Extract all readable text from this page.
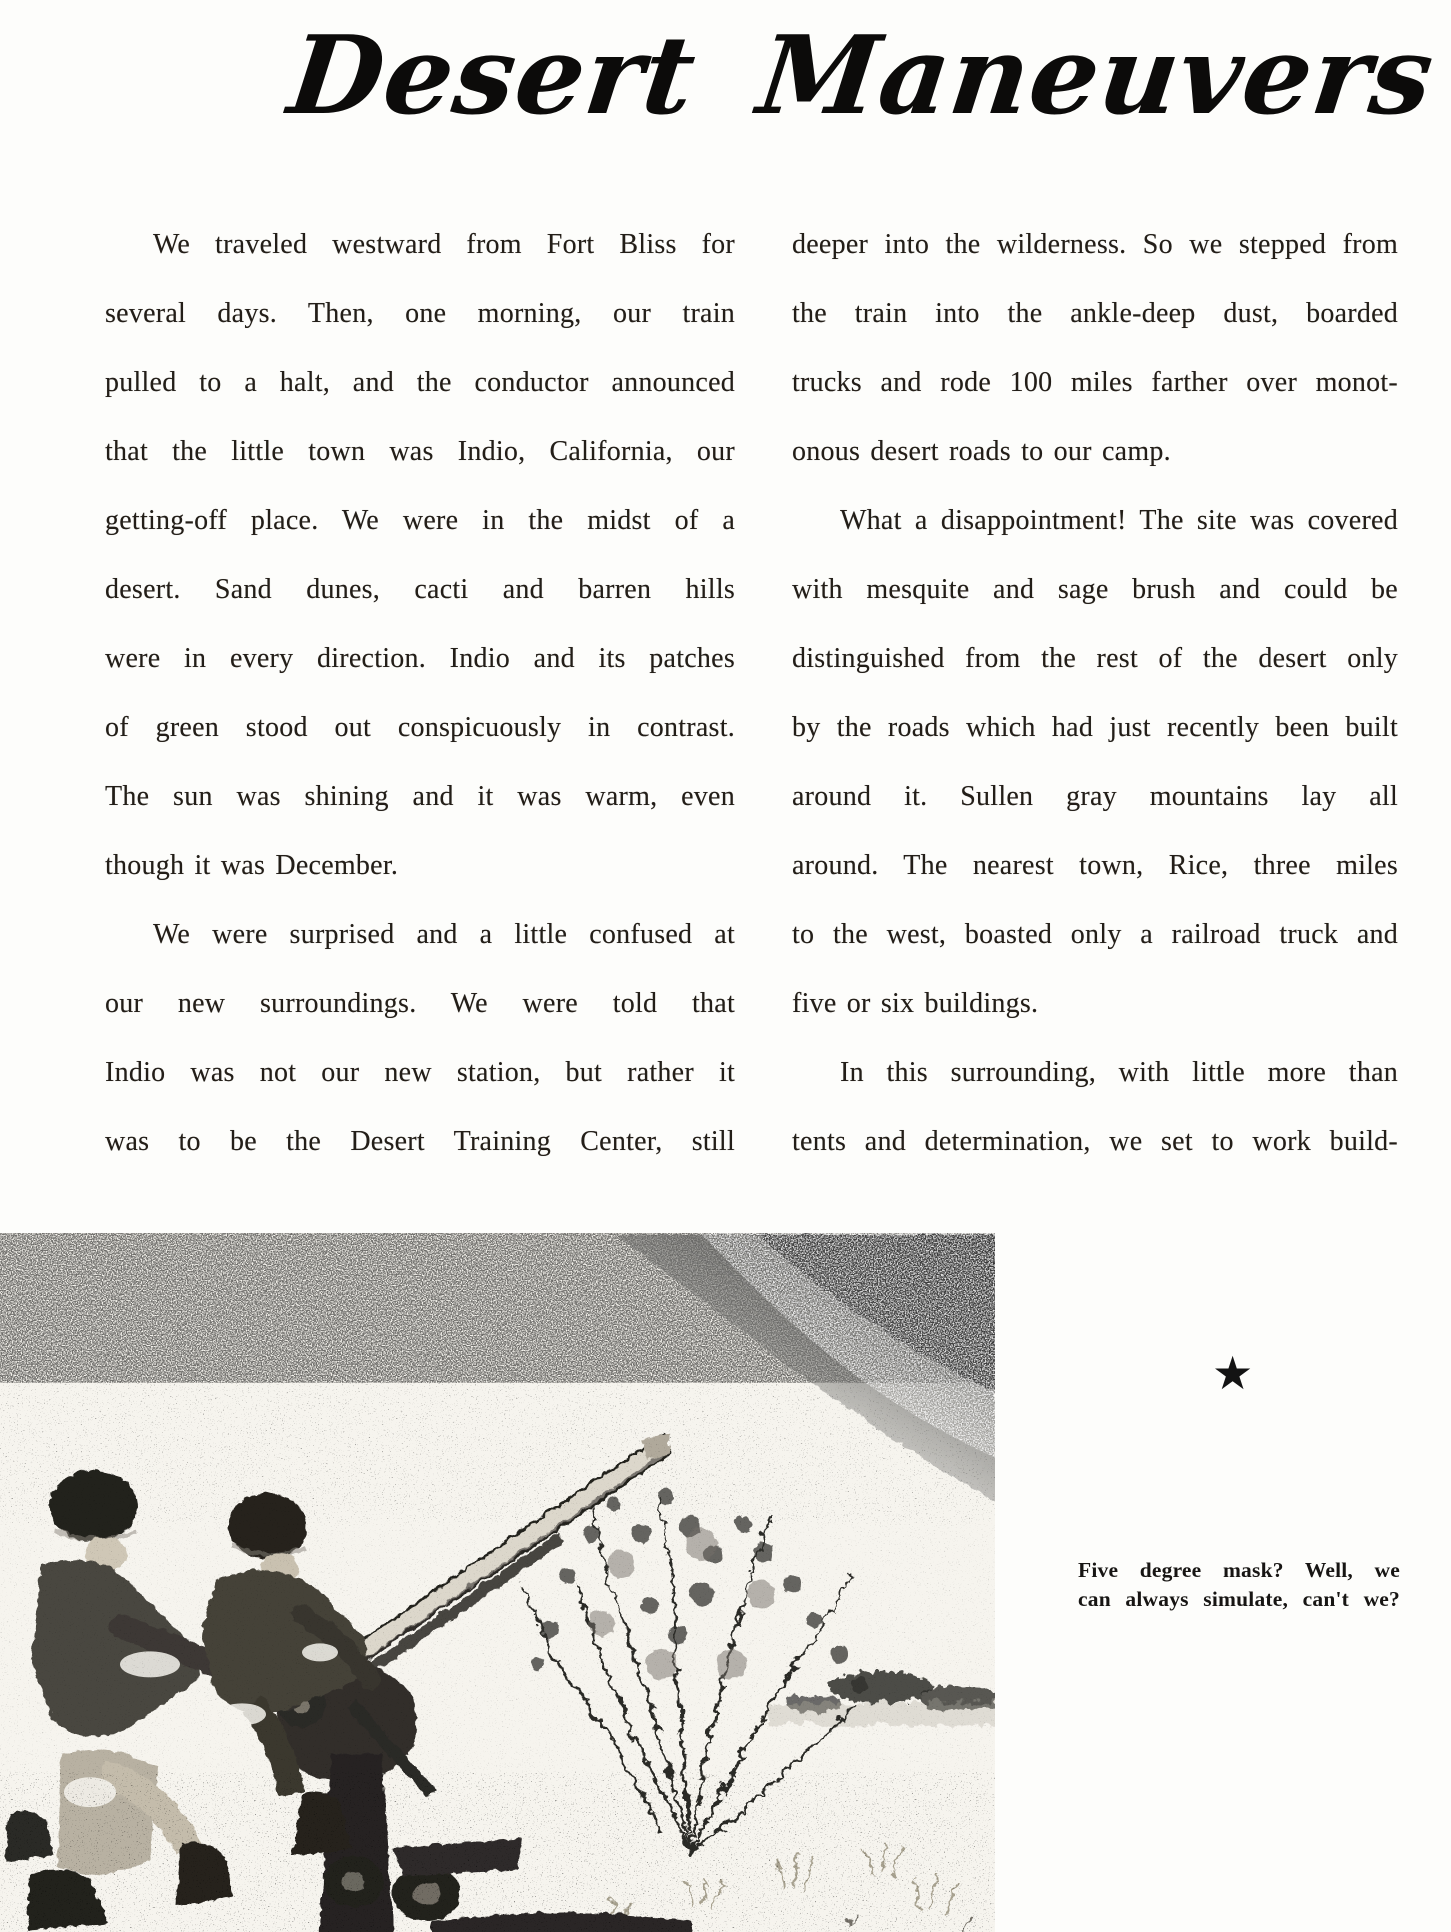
Desert Maneuvers
We traveled westward from Fort Bliss for
several days. Then, one morning, our train
pulled to a halt, and the conductor announced
that the little town was Indio, California, our
getting-off place. We were in the midst of a
desert. Sand dunes, cacti and barren hills
were in every direction. Indio and its patches
of green stood out conspicuously in contrast.
The sun was shining and it was warm, even
though it was December.
We were surprised and a little confused at
our new surroundings. We were told that
Indio was not our new station, but rather it
was to be the Desert Training Center, still
deeper into the wilderness. So we stepped from
the train into the ankle-deep dust, boarded
trucks and rode 100 miles farther over monot-
onous desert roads to our camp.
What a disappointment! The site was covered
with mesquite and sage brush and could be
distinguished from the rest of the desert only
by the roads which had just recently been built
around it. Sullen gray mountains lay all
around. The nearest town, Rice, three miles
to the west, boasted only a railroad truck and
five or six buildings.
In this surrounding, with little more than
tents and determination, we set to work build-
★
Five degree mask? Well, we
can always simulate, can't we?
